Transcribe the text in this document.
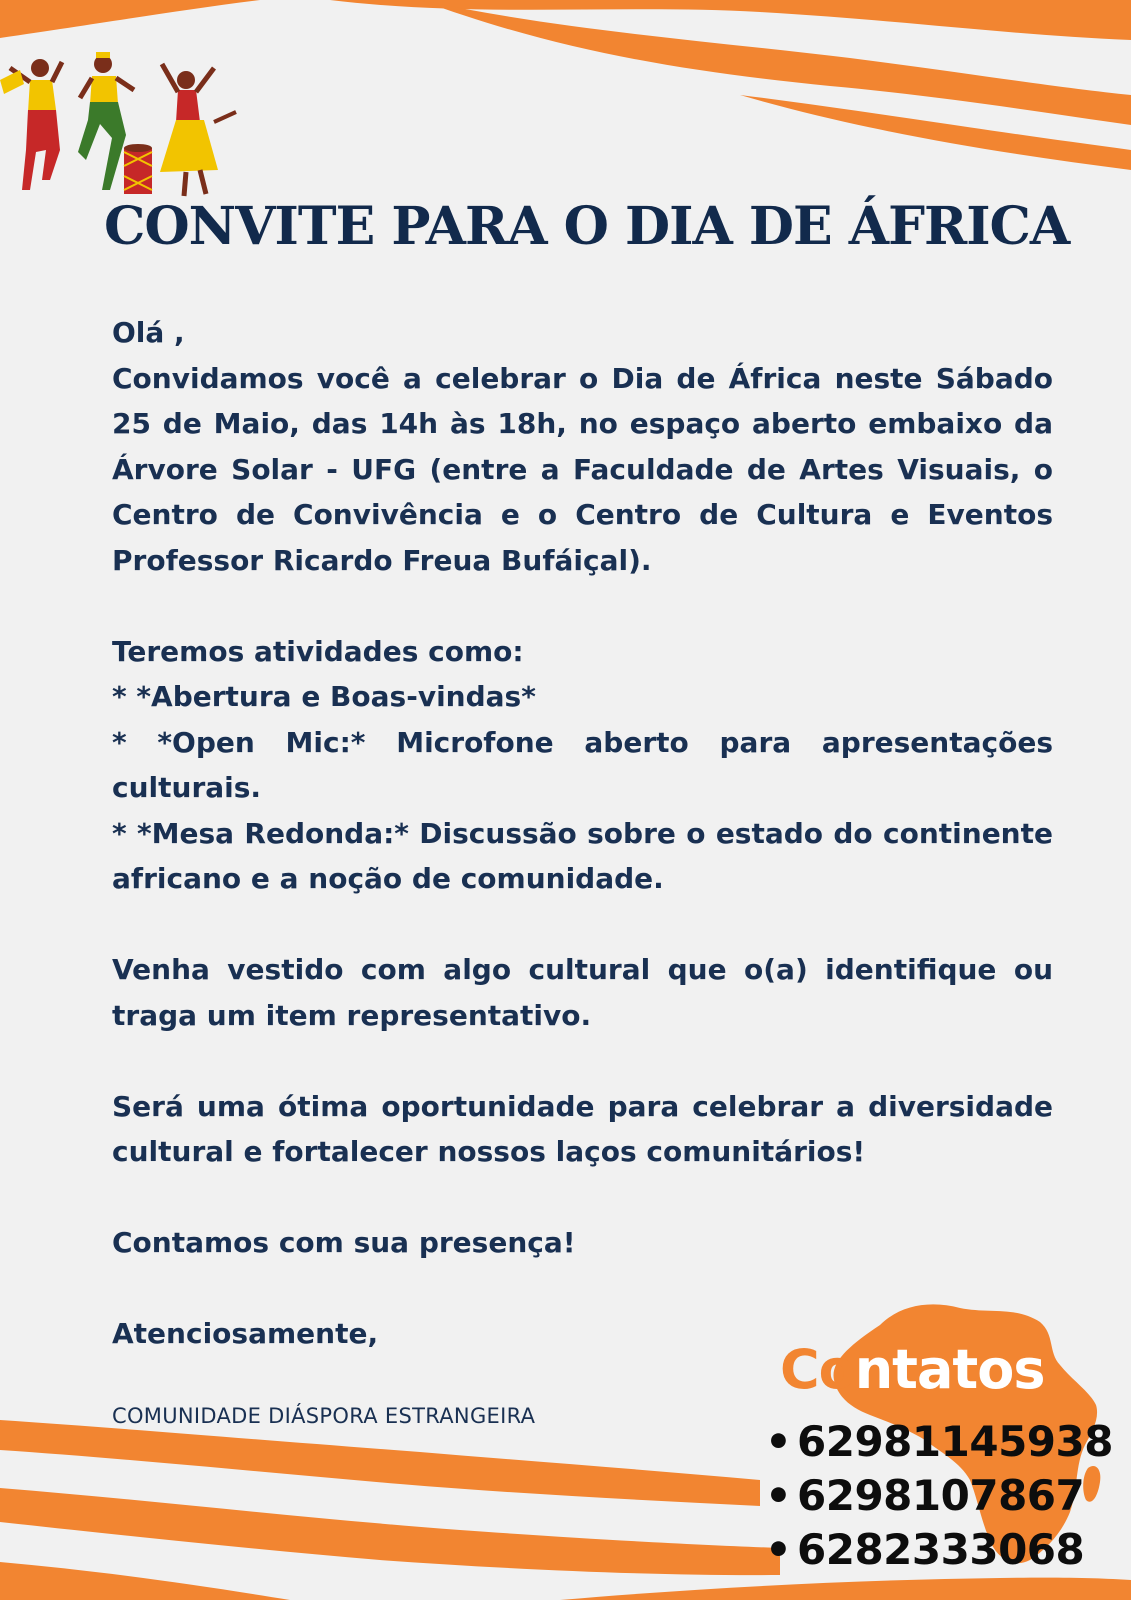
CONVITE PARA O DIA DE ÁFRICA

Olá ,

Convidamos você a celebrar o Dia de África neste Sábado 25 de Maio, das 14h às 18h, no espaço aberto embaixo da Árvore Solar - UFG (entre a Faculdade de Artes Visuais, o Centro de Convivência e o Centro de Cultura e Eventos Professor Ricardo Freua Bufáiçal).

Teremos atividades como:

* *Abertura e Boas-vindas*

* *Open Mic:* Microfone aberto para apresentações culturais.

* *Mesa Redonda:* Discussão sobre o estado do continente africano e a noção de comunidade.

Venha vestido com algo cultural que o(a) identifique ou traga um item representativo.

Será uma ótima oportunidade para celebrar a diversidade cultural e fortalecer nossos laços comunitários!

Contamos com sua presença!

Atenciosamente,

COMUNIDADE DIÁSPORA ESTRANGEIRA
Contatos
• 62981145938
• 6298107867
• 6282333068
